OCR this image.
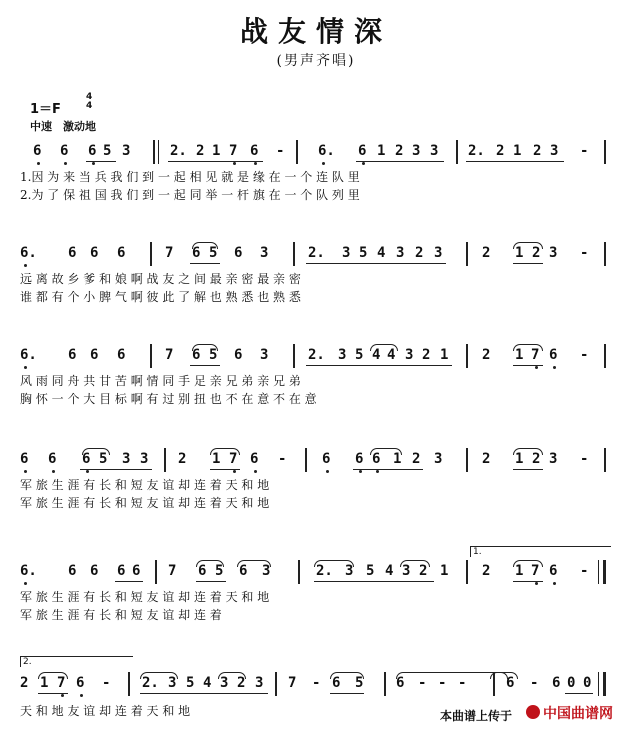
战友情深
(男声齐唱)
1＝F
4
4
中速　激动地
6 6 6 5 3	2. 2 1 7 6 - 6. 6 1 2 3 3 2. 2 1 2 3 -
1.因 为 来 当 兵 我 们 到 一 起 相 见 就 是 缘 在 一 个 连 队 里
2.为 了 保 祖 国 我 们 到 一 起 同 举 一 杆 旗 在 一 个 队 列 里
6. 6 6 6	7 6 5 6 3	2. 3 5 4 3 2 3	2 1 2 3 -
远 离 故 乡 爹 和 娘 啊 战 友 之 间 最 亲 密 最 亲 密
谁 都 有 个 小 脾 气 啊 彼 此 了 解 也 熟 悉 也 熟 悉
6. 6 6 6	7 6 5 6 3	2. 3 5 4 4 3 2 1 2 1 7 6 -
风 雨 同 舟 共 甘 苦 啊 情 同 手 足 亲 兄 弟 亲 兄 弟
胸 怀 一 个 大 目 标 啊 有 过 别 扭 也 不 在 意 不 在 意
6 6 6 5 3 3 2 1 7 6 -	6 6 6 1 2 3	2 1 2 3 -
军 旅 生 涯 有 长 和 短 友 谊 却 连 着 天 和 地
军 旅 生 涯 有 长 和 短 友 谊 却 连 着 天 和 地
1.
6. 6 6 6 6 7 6 5 6 3	2. 3 5 4 3 2 1 2 1 7 6 -
军 旅 生 涯 有 长 和 短 友 谊 却 连 着 天 和 地
军 旅 生 涯 有 长 和 短 友 谊 却 连 着
2.
2 1 7 6 - 2. 3 5 4 3 2 3 7 - 6 5 6 - - -	6 - 6 0 0
天 和 地 友 谊 却 连 着 天 和 地	本曲谱上传于 中国曲谱网
